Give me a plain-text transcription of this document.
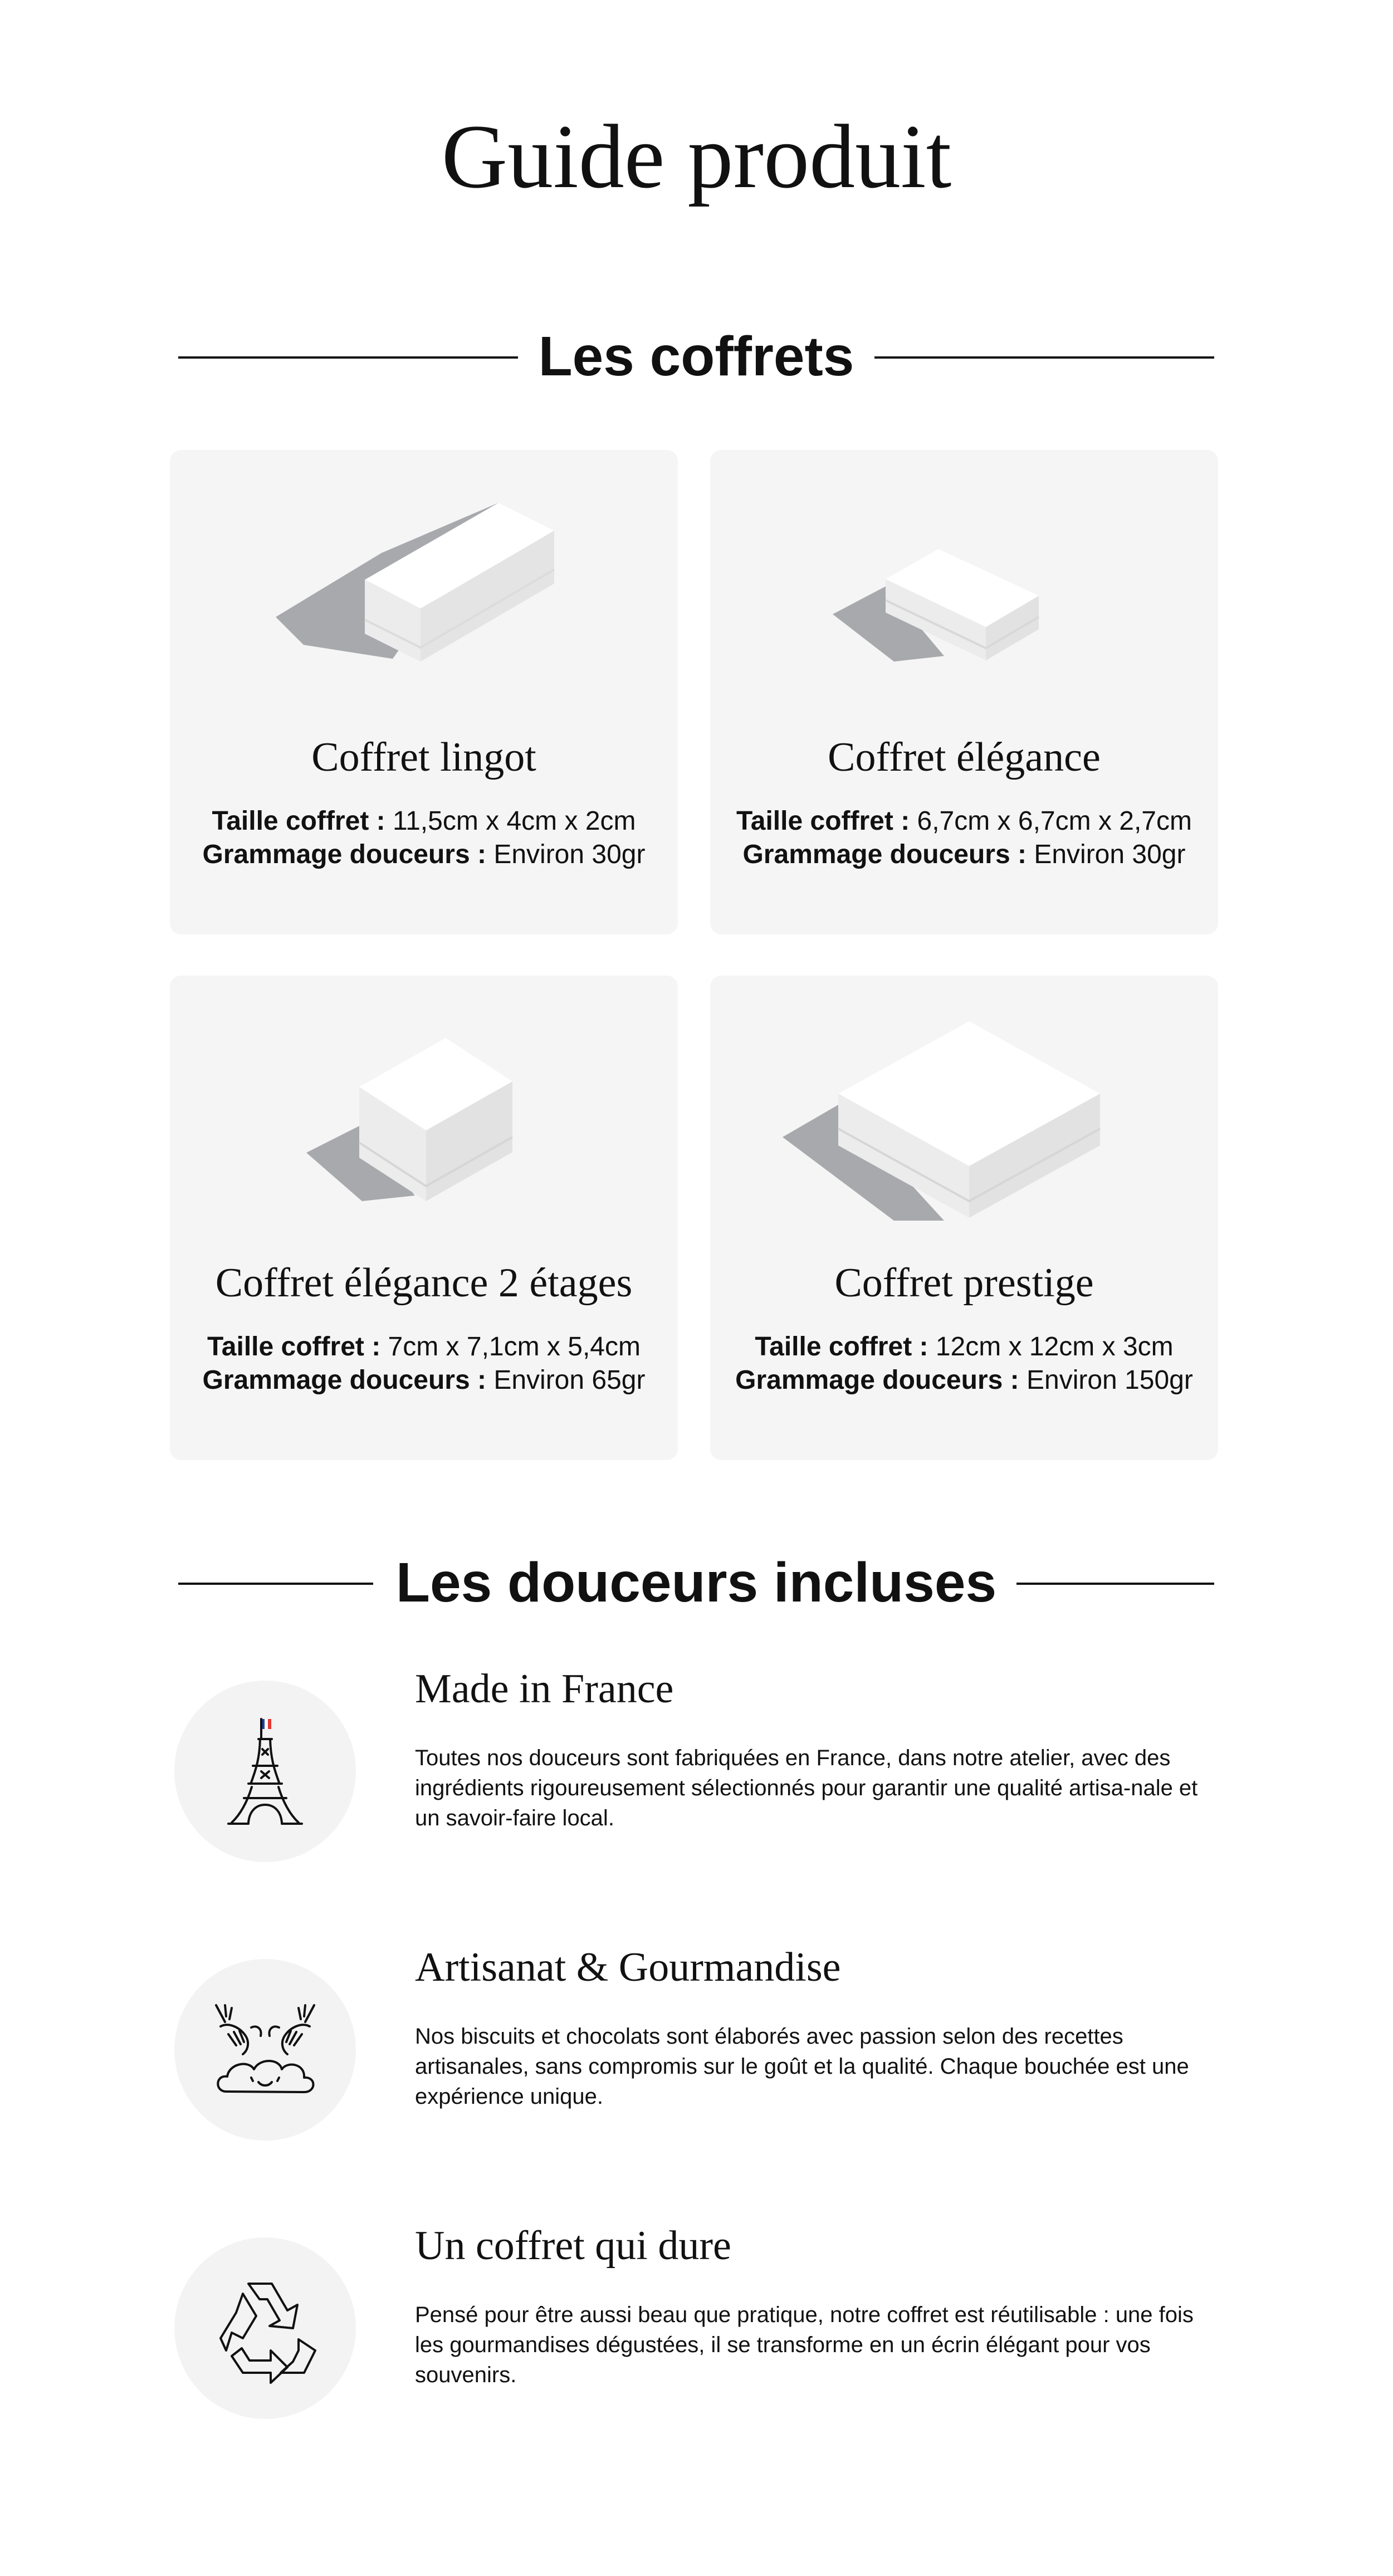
Guide produit
Les coffrets

Coffret lingot

Taille coffret : 11,5cm x 4cm x 2cm

Grammage douceurs : Environ 30gr

Coffret élégance

Taille coffret : 6,7cm x 6,7cm x 2,7cm

Grammage douceurs : Environ 30gr

Coffret élégance 2 étages

Taille coffret : 7cm x 7,1cm x 5,4cm

Grammage douceurs : Environ 65gr

Coffret prestige

Taille coffret : 12cm x 12cm x 3cm

Grammage douceurs : Environ 150gr

Les douceurs incluses

Made in France

Toutes nos douceurs sont fabriquées en France, dans notre atelier, avec des ingrédients rigoureusement sélectionnés pour garantir une qualité artisa-nale et un savoir-faire local.

Artisanat & Gourmandise

Nos biscuits et chocolats sont élaborés avec passion selon des recettes artisanales, sans compromis sur le goût et la qualité. Chaque bouchée est une expérience unique.

Un coffret qui dure

Pensé pour être aussi beau que pratique, notre coffret est réutilisable : une fois les gourmandises dégustées, il se transforme en un écrin élégant pour vos souvenirs.
